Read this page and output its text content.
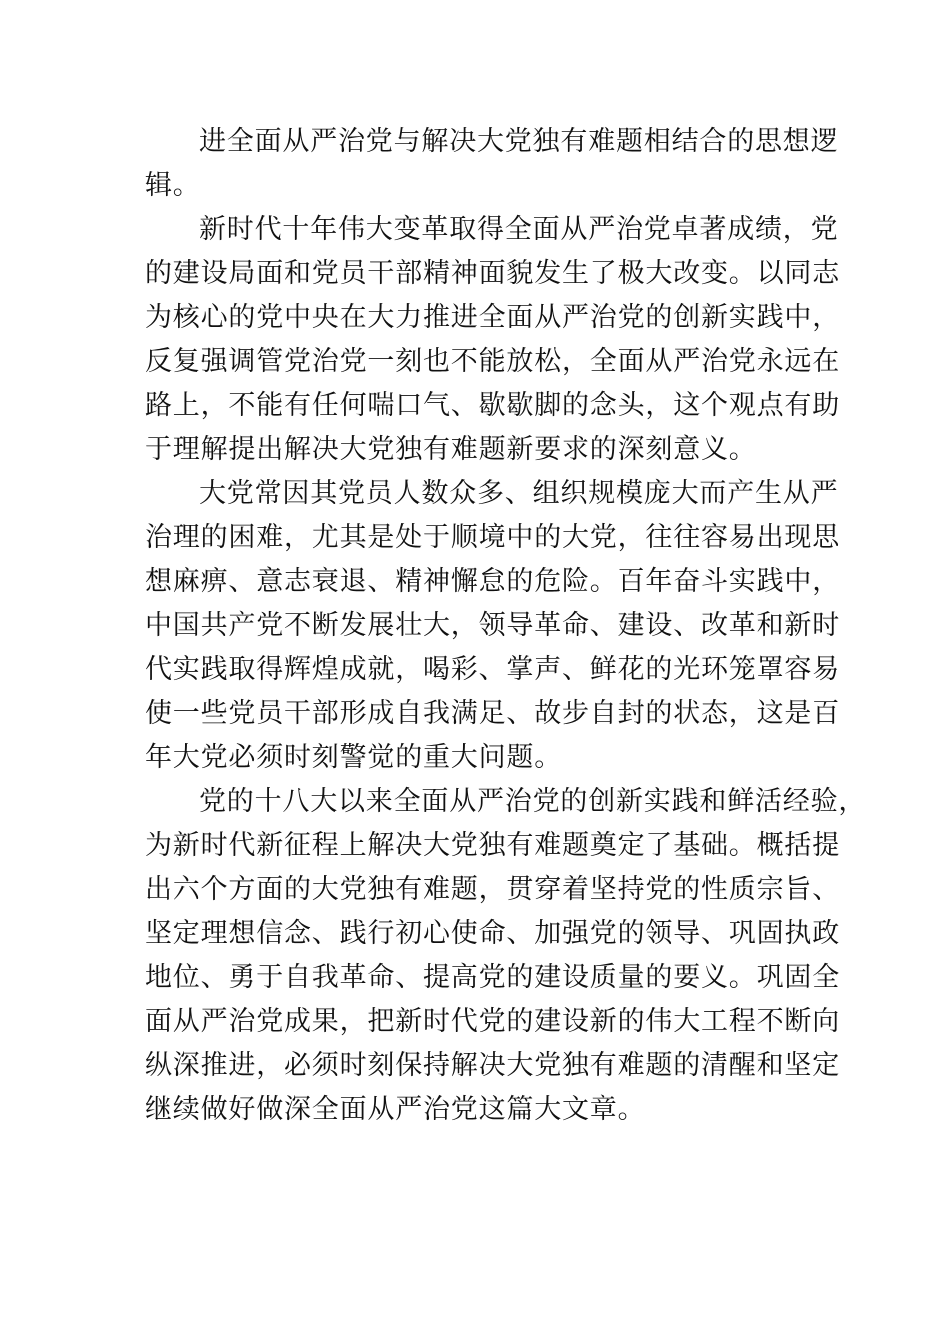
进全面从严治党与解决大党独有难题相结合的思想逻
辑。
新时代十年伟大变革取得全面从严治党卓著成绩，党
的建设局面和党员干部精神面貌发生了极大改变。以同志
为核心的党中央在大力推进全面从严治党的创新实践中，
反复强调管党治党一刻也不能放松，全面从严治党永远在
路上，不能有任何喘口气、歇歇脚的念头，这个观点有助
于理解提出解决大党独有难题新要求的深刻意义。
大党常因其党员人数众多、组织规模庞大而产生从严
治理的困难，尤其是处于顺境中的大党，往往容易出现思
想麻痹、意志衰退、精神懈怠的危险。百年奋斗实践中，
中国共产党不断发展壮大，领导革命、建设、改革和新时
代实践取得辉煌成就，喝彩、掌声、鲜花的光环笼罩容易
使一些党员干部形成自我满足、故步自封的状态，这是百
年大党必须时刻警觉的重大问题。
党的十八大以来全面从严治党的创新实践和鲜活经验，
为新时代新征程上解决大党独有难题奠定了基础。概括提
出六个方面的大党独有难题，贯穿着坚持党的性质宗旨、
坚定理想信念、践行初心使命、加强党的领导、巩固执政
地位、勇于自我革命、提高党的建设质量的要义。巩固全
面从严治党成果，把新时代党的建设新的伟大工程不断向
纵深推进，必须时刻保持解决大党独有难题的清醒和坚定
继续做好做深全面从严治党这篇大文章。
